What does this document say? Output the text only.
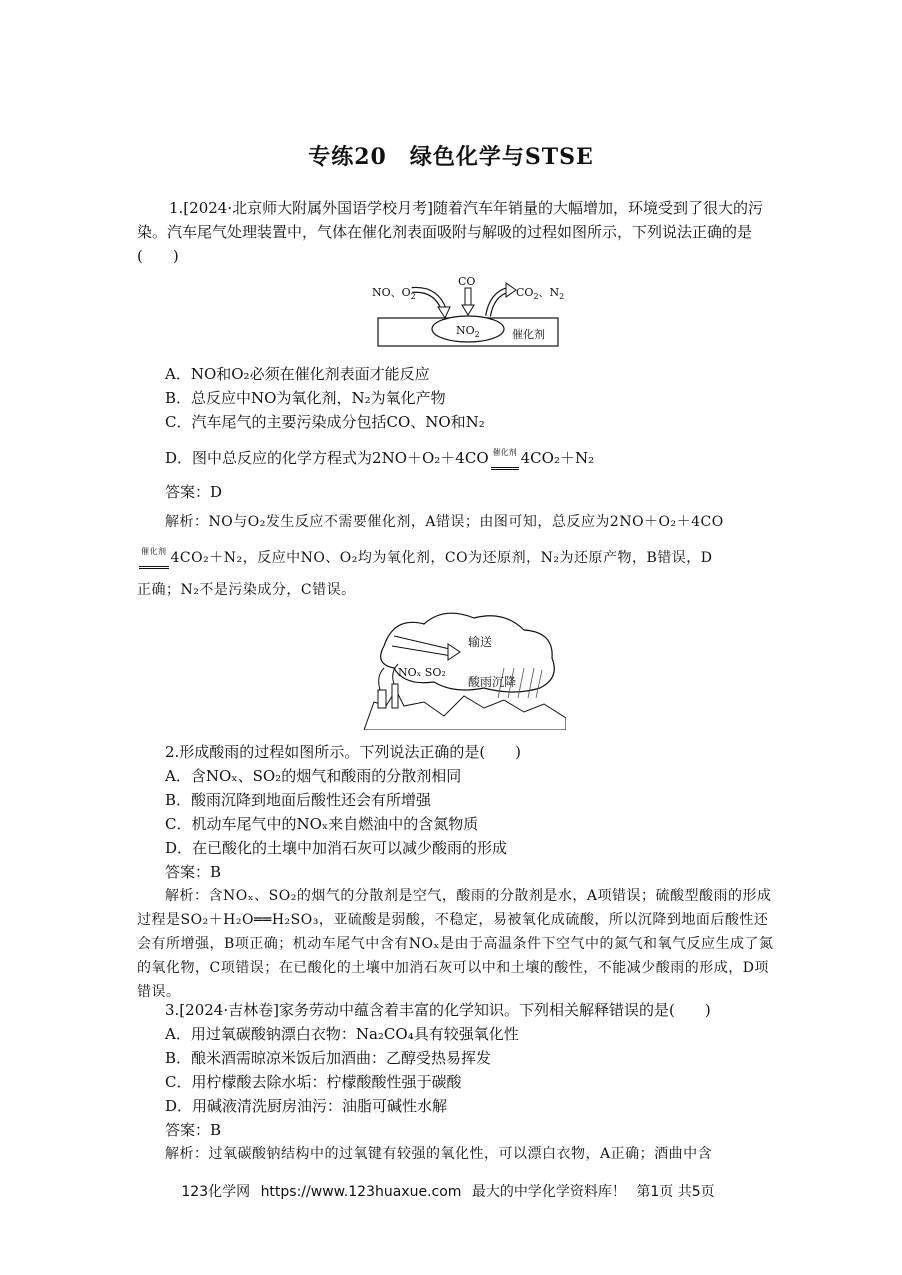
专练20　绿色化学与STSE

1.[2024·北京师大附属外国语学校月考]随着汽车年销量的大幅增加，环境受到了很大的污染。汽车尾气处理装置中，气体在催化剂表面吸附与解吸的过程如图所示，下列说法正确的是(　　)

NO、$O_2$
CO
$CO_2$、$N_2$
$NO_2$	催化剂

A．NO和O₂必须在催化剂表面才能反应

B．总反应中NO为氧化剂，N₂为氧化产物

C．汽车尾气的主要污染成分包括CO、NO和N₂

D．图中总反应的化学方程式为2NO＋O₂＋4CO 催化剂 4CO₂＋N₂

答案：D

解析：NO与O₂发生反应不需要催化剂，A错误；由图可知，总反应为2NO＋O₂＋4CO

催化剂 4CO₂＋N₂，反应中NO、O₂均为氧化剂，CO为还原剂，N₂为还原产物，B错误，D

正确；N₂不是污染成分，C错误。

输送
NOₓ SO₂
酸雨沉降

2.形成酸雨的过程如图所示。下列说法正确的是(　　)

A．含NOₓ、SO₂的烟气和酸雨的分散剂相同

B．酸雨沉降到地面后酸性还会有所增强

C．机动车尾气中的NOₓ来自燃油中的含氮物质

D．在已酸化的土壤中加消石灰可以减少酸雨的形成

答案：B

解析：含NOₓ、SO₂的烟气的分散剂是空气，酸雨的分散剂是水，A项错误；硫酸型酸雨的形成过程是SO₂＋H₂O══H₂SO₃，亚硫酸是弱酸，不稳定，易被氧化成硫酸，所以沉降到地面后酸性还会有所增强，B项正确；机动车尾气中含有NOₓ是由于高温条件下空气中的氮气和氧气反应生成了氮的氧化物，C项错误；在已酸化的土壤中加消石灰可以中和土壤的酸性，不能减少酸雨的形成，D项错误。

3.[2024·吉林卷]家务劳动中蕴含着丰富的化学知识。下列相关解释错误的是(　　)

A．用过氧碳酸钠漂白衣物：Na₂CO₄具有较强氧化性

B．酿米酒需晾凉米饭后加酒曲：乙醇受热易挥发

C．用柠檬酸去除水垢：柠檬酸酸性强于碳酸

D．用碱液清洗厨房油污：油脂可碱性水解

答案：B

解析：过氧碳酸钠结构中的过氧键有较强的氧化性，可以漂白衣物，A正确；酒曲中含

123化学网 https://www.123huaxue.com 最大的中学化学资料库！ 第1页 共5页
